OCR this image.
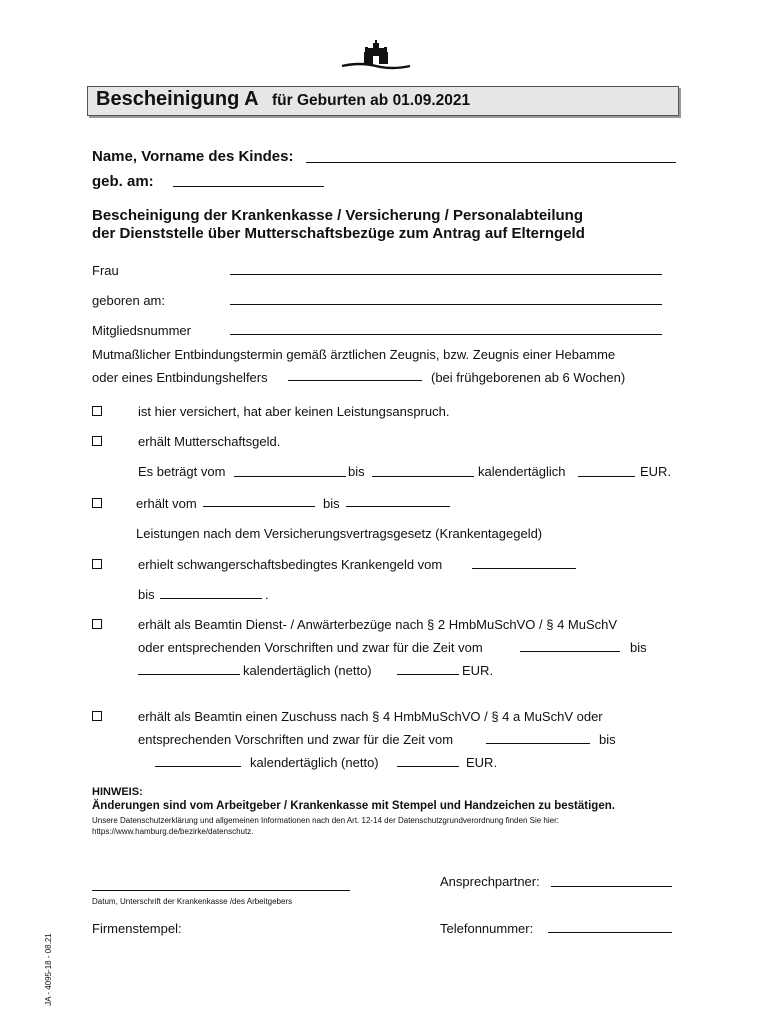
Bescheinigung A für Geburten ab 01.09.2021
Name, Vorname des Kindes:
geb. am:
Bescheinigung der Krankenkasse / Versicherung / Personalabteilung
der Dienststelle über Mutterschaftsbezüge zum Antrag auf Elterngeld
Frau
geboren am:
Mitgliedsnummer
Mutmaßlicher Entbindungstermin gemäß ärztlichen Zeugnis, bzw. Zeugnis einer Hebamme
oder eines Entbindungshelfers	(bei frühgeborenen ab 6 Wochen)
ist hier versichert, hat aber keinen Leistungsanspruch.
erhält Mutterschaftsgeld.
Es beträgt vom	bis	kalendertäglich	EUR.
erhält vom	bis
Leistungen nach dem Versicherungsvertragsgesetz (Krankentagegeld)
erhielt schwangerschaftsbedingtes Krankengeld vom
bis	.
erhält als Beamtin Dienst- / Anwärterbezüge nach § 2 HmbMuSchVO / § 4 MuSchV
oder entsprechenden Vorschriften und zwar für die Zeit vom	bis
kalendertäglich (netto)	EUR.
erhält als Beamtin einen Zuschuss nach § 4 HmbMuSchVO / § 4 a MuSchV oder
entsprechenden Vorschriften und zwar für die Zeit vom	bis
kalendertäglich (netto)	EUR.
HINWEIS:
Änderungen sind vom Arbeitgeber / Krankenkasse mit Stempel und Handzeichen zu bestätigen.
Unsere Datenschutzerklärung und allgemeinen Informationen nach den Art. 12-14 der Datenschutzgrundverordnung finden Sie hier:
https://www.hamburg.de/bezirke/datenschutz.
Ansprechpartner:
Datum, Unterschrift der Krankenkasse /des Arbeitgebers
Firmenstempel:	Telefonnummer:
JA - 4095-18 - 08.21
